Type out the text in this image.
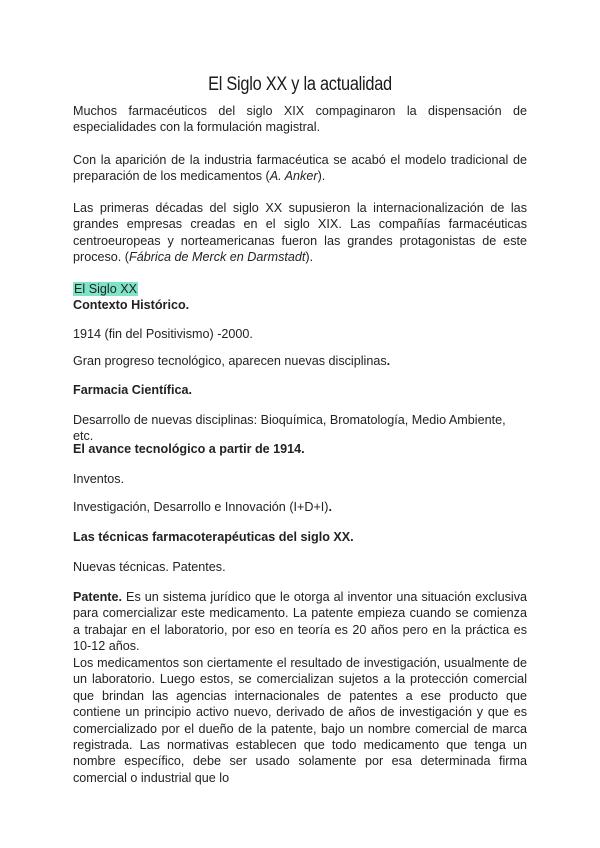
El Siglo XX y la actualidad

Muchos farmacéuticos del siglo XIX compaginaron la dispensación de especialidades con la formulación magistral.

Con la aparición de la industria farmacéutica se acabó el modelo tradicional de preparación de los medicamentos (A. Anker).

Las primeras décadas del siglo XX supusieron la internacionalización de las grandes empresas creadas en el siglo XIX. Las compañías farmacéuticas centroeuropeas y norteamericanas fueron las grandes protagonistas de este proceso. (Fábrica de Merck en Darmstadt).

El Siglo XX

Contexto Histórico.

1914 (fin del Positivismo) -2000.

Gran progreso tecnológico, aparecen nuevas disciplinas.

Farmacia Científica.

Desarrollo de nuevas disciplinas: Bioquímica, Bromatología, Medio Ambiente, etc.

El avance tecnológico a partir de 1914.

Inventos.

Investigación, Desarrollo e Innovación (I+D+I).

Las técnicas farmacoterapéuticas del siglo XX.

Nuevas técnicas. Patentes.

Patente. Es un sistema jurídico que le otorga al inventor una situación exclusiva para comercializar este medicamento. La patente empieza cuando se comienza a trabajar en el laboratorio, por eso en teoría es 20 años pero en la práctica es 10-12 años.

Los medicamentos son ciertamente el resultado de investigación, usualmente de un laboratorio. Luego estos, se comercializan sujetos a la protección comercial que brindan las agencias internacionales de patentes a ese producto que contiene un principio activo nuevo, derivado de años de investigación y que es comercializado por el dueño de la patente, bajo un nombre comercial de marca registrada. Las normativas establecen que todo medicamento que tenga un nombre específico, debe ser usado solamente por esa determinada firma comercial o industrial que lo
